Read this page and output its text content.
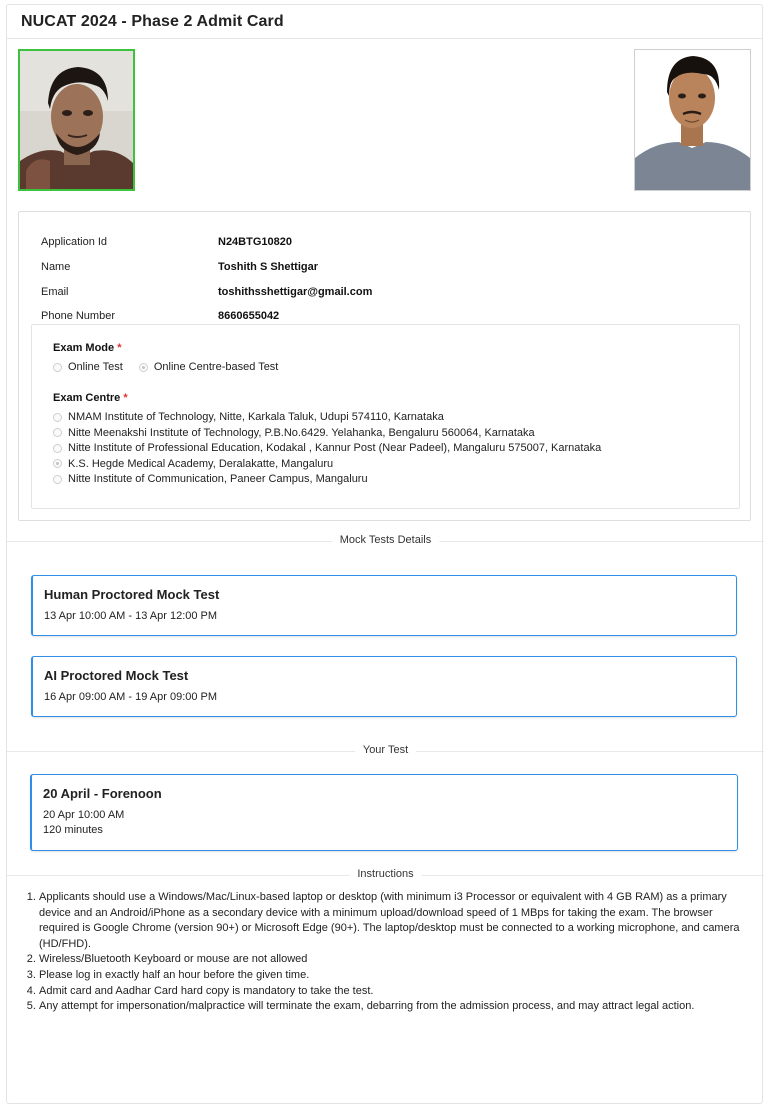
NUCAT 2024 - Phase 2 Admit Card
Application Id	N24BTG10820
Name	Toshith S Shettigar
Email	toshithsshettigar@gmail.com
Phone Number	8660655042
Exam Mode *
Online Test	Online Centre-based Test
Exam Centre *
NMAM Institute of Technology, Nitte, Karkala Taluk, Udupi 574110, Karnataka
Nitte Meenakshi Institute of Technology, P.B.No.6429. Yelahanka, Bengaluru 560064, Karnataka
Nitte Institute of Professional Education, Kodakal , Kannur Post (Near Padeel), Mangaluru 575007, Karnataka
K.S. Hegde Medical Academy, Deralakatte, Mangaluru
Nitte Institute of Communication, Paneer Campus, Mangaluru
Mock Tests Details
Human Proctored Mock Test
13 Apr 10:00 AM - 13 Apr 12:00 PM
AI Proctored Mock Test
16 Apr 09:00 AM - 19 Apr 09:00 PM
Your Test
20 April - Forenoon
20 Apr 10:00 AM
120 minutes
Instructions
1. Applicants should use a Windows/Mac/Linux-based laptop or desktop (with minimum i3 Processor or equivalent with 4 GB RAM) as a primary device and an Android/iPhone as a secondary device with a minimum upload/download speed of 1 MBps for taking the exam. The browser required is Google Chrome (version 90+) or Microsoft Edge (90+). The laptop/desktop must be connected to a working microphone, and camera (HD/FHD).
2. Wireless/Bluetooth Keyboard or mouse are not allowed
3. Please log in exactly half an hour before the given time.
4. Admit card and Aadhar Card hard copy is mandatory to take the test.
5. Any attempt for impersonation/malpractice will terminate the exam, debarring from the admission process, and may attract legal action.
